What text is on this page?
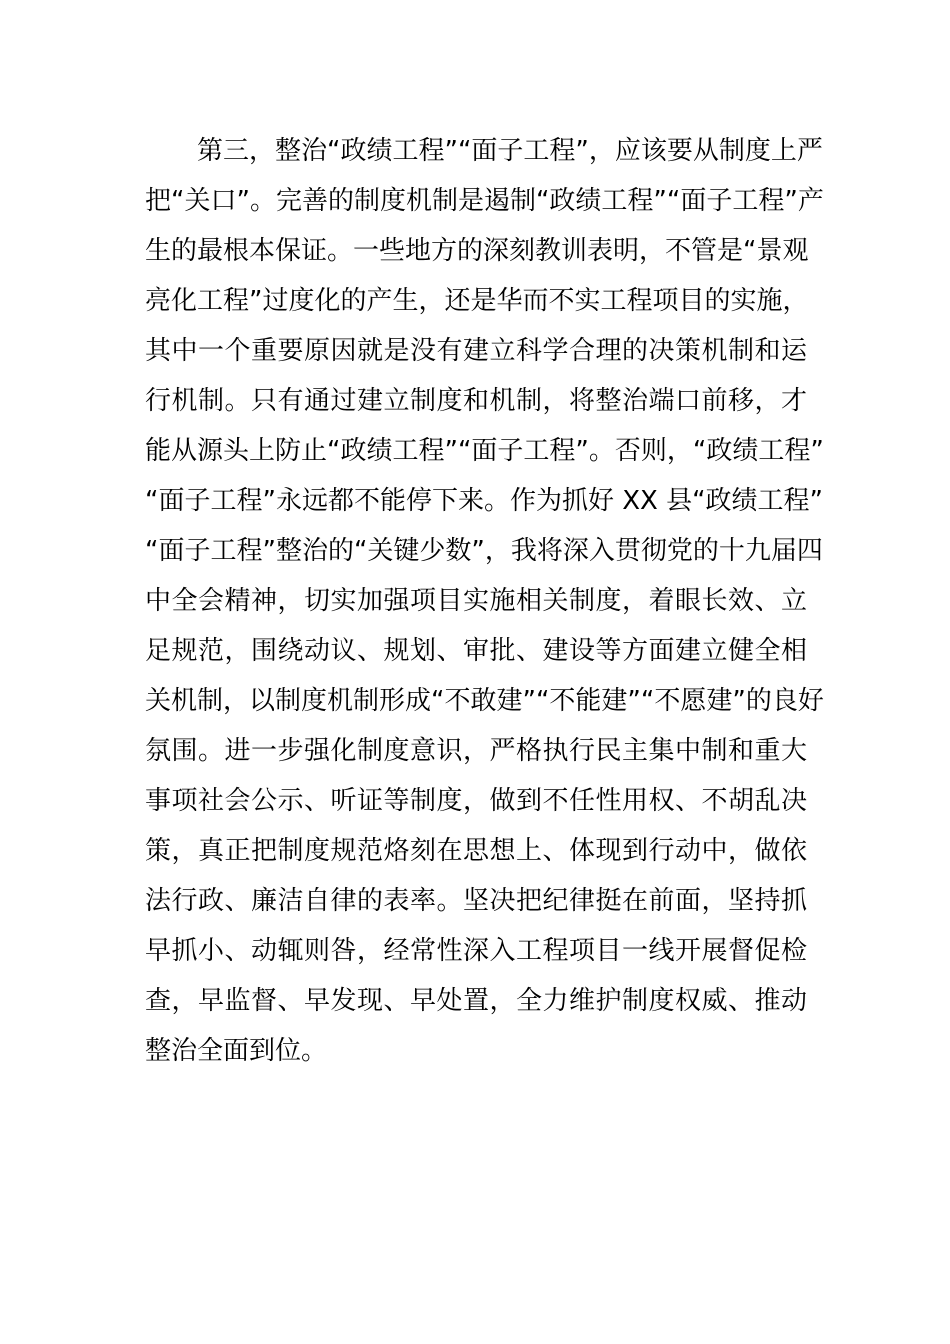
第三，整治“政绩工程”“面子工程”，应该要从制度上严
把“关口”。完善的制度机制是遏制“政绩工程”“面子工程”产
生的最根本保证。一些地方的深刻教训表明，不管是“景观
亮化工程”过度化的产生，还是华而不实工程项目的实施，
其中一个重要原因就是没有建立科学合理的决策机制和运
行机制。只有通过建立制度和机制，将整治端口前移，才
能从源头上防止“政绩工程”“面子工程”。否则，“政绩工程”
“面子工程”永远都不能停下来。作为抓好 XX 县“政绩工程”
“面子工程”整治的“关键少数”，我将深入贯彻党的十九届四
中全会精神，切实加强项目实施相关制度，着眼长效、立
足规范，围绕动议、规划、审批、建设等方面建立健全相
关机制，以制度机制形成“不敢建”“不能建”“不愿建”的良好
氛围。进一步强化制度意识，严格执行民主集中制和重大
事项社会公示、听证等制度，做到不任性用权、不胡乱决
策，真正把制度规范烙刻在思想上、体现到行动中，做依
法行政、廉洁自律的表率。坚决把纪律挺在前面，坚持抓
早抓小、动辄则咎，经常性深入工程项目一线开展督促检
查，早监督、早发现、早处置，全力维护制度权威、推动
整治全面到位。
